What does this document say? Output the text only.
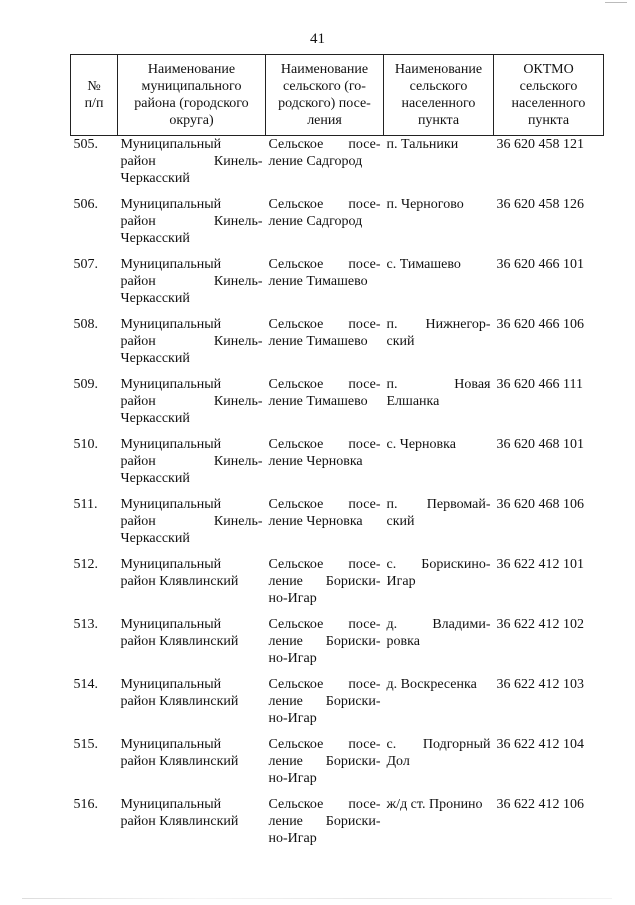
41
№
п/п	Наименование
муниципального
района (городского
округа)	Наименование
сельского (го-
родского) посе-
ления	Наименование
сельского
населенного
пункта	ОКТМО
сельского
населенного
пункта

505.	Муниципальный
район Кинель-
Черкасский	Сельское посе-
ление Садгород	п. Тальники	36 620 458 121
506.	Муниципальный
район Кинель-
Черкасский	Сельское посе-
ление Садгород	п. Черногово	36 620 458 126
507.	Муниципальный
район Кинель-
Черкасский	Сельское посе-
ление Тимашево	с. Тимашево	36 620 466 101
508.	Муниципальный
район Кинель-
Черкасский	Сельское посе-
ление Тимашево	п. Нижнегор-
ский	36 620 466 106
509.	Муниципальный
район Кинель-
Черкасский	Сельское посе-
ление Тимашево	п. Новая
Елшанка	36 620 466 111
510.	Муниципальный
район Кинель-
Черкасский	Сельское посе-
ление Черновка	с. Черновка	36 620 468 101
511.	Муниципальный
район Кинель-
Черкасский	Сельское посе-
ление Черновка	п. Первомай-
ский	36 620 468 106
512.	Муниципальный
район Клявлинский	Сельское посе-
ление Бориски-
но-Игар	с. Борискино-
Игар	36 622 412 101
513.	Муниципальный
район Клявлинский	Сельское посе-
ление Бориски-
но-Игар	д. Владими-
ровка	36 622 412 102
514.	Муниципальный
район Клявлинский	Сельское посе-
ление Бориски-
но-Игар	д. Воскресенка	36 622 412 103
515.	Муниципальный
район Клявлинский	Сельское посе-
ление Бориски-
но-Игар	с. Подгорный
Дол	36 622 412 104
516.	Муниципальный
район Клявлинский	Сельское посе-
ление Бориски-
но-Игар	ж/д ст. Пронино	36 622 412 106
